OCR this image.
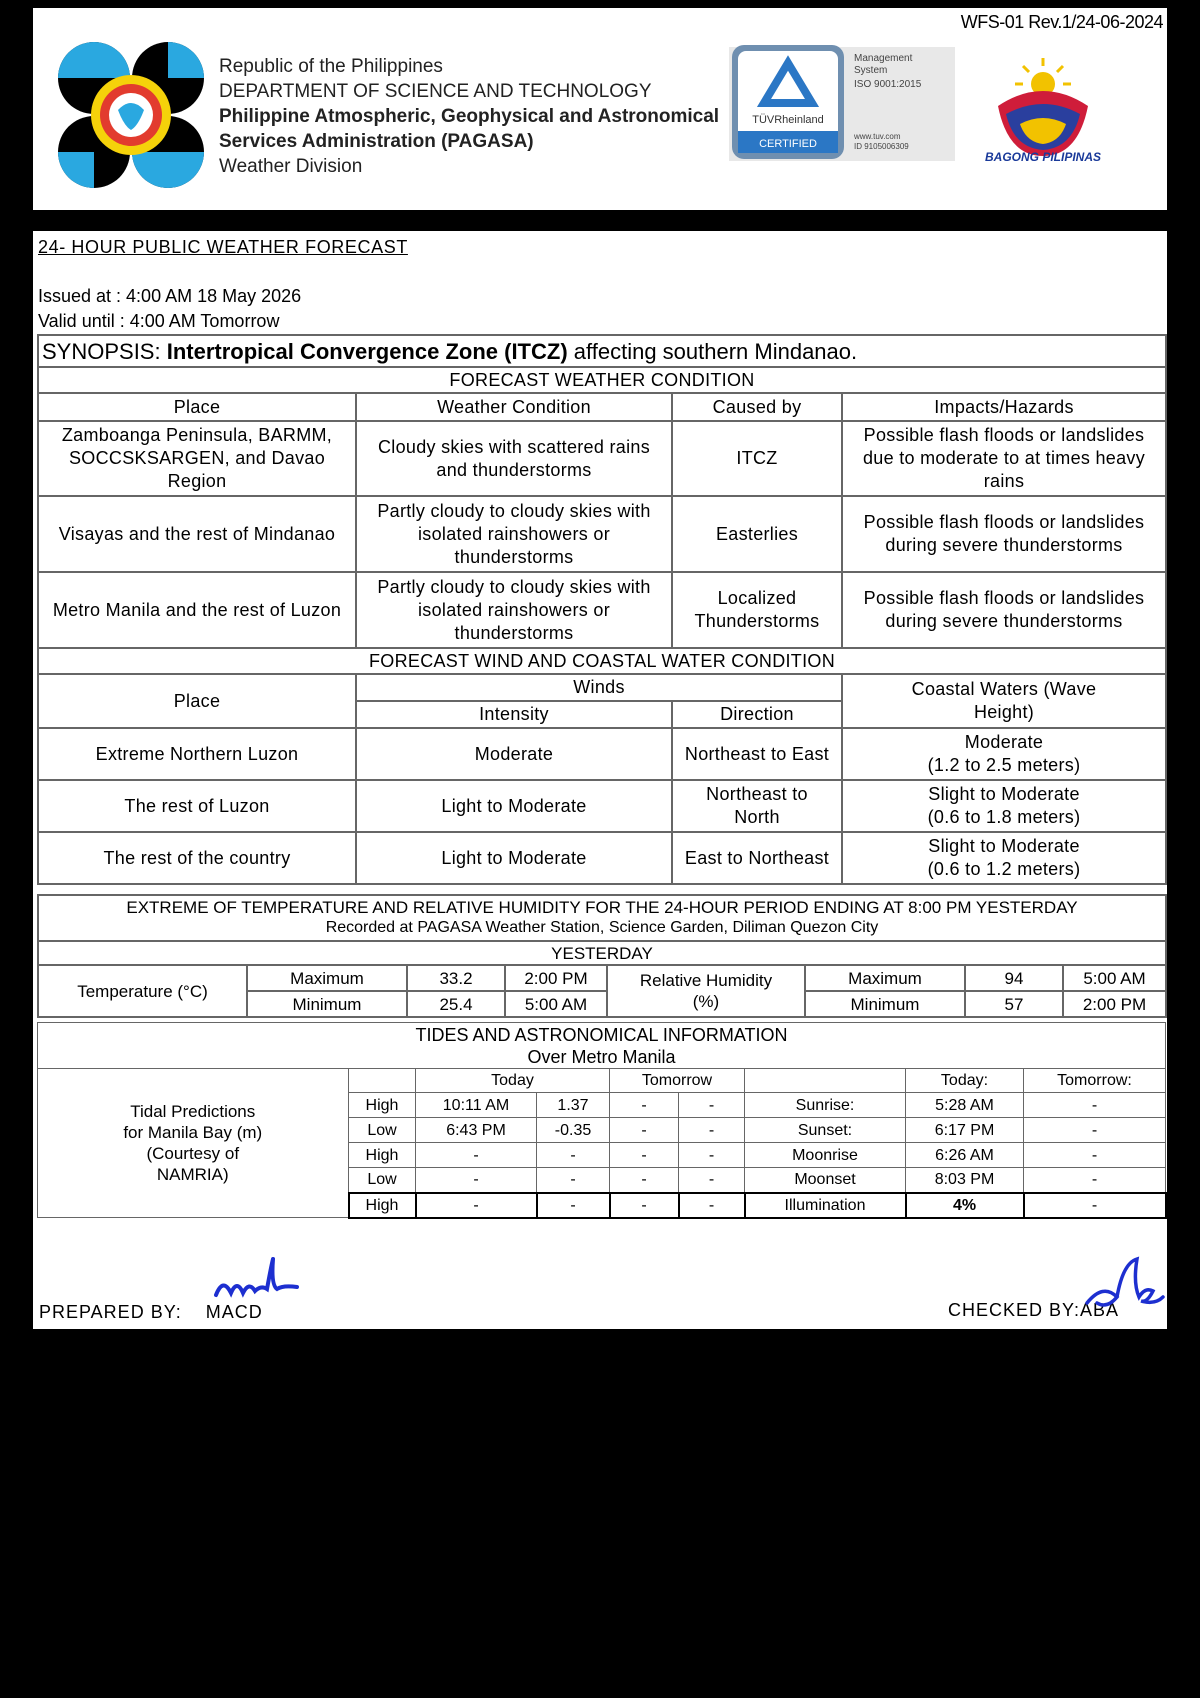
WFS-01 Rev.1/24-06-2024
Republic of the Philippines
DEPARTMENT OF SCIENCE AND TECHNOLOGY
Philippine Atmospheric, Geophysical and Astronomical
Services Administration (PAGASA)
Weather Division
TÜVRheinland
CERTIFIED
Management
System
ISO 9001:2015
www.tuv.com
ID 9105006309
BAGONG PILIPINAS
24- HOUR PUBLIC WEATHER FORECAST
Issued at : 4:00 AM 18 May 2026
Valid until : 4:00 AM Tomorrow
SYNOPSIS: Intertropical Convergence Zone (ITCZ) affecting southern Mindanao.			
FORECAST WEATHER CONDITION			
Place	Weather Condition	Caused by	Impacts/Hazards
Zamboanga Peninsula, BARMM, SOCCSKSARGEN, and Davao Region	Cloudy skies with scattered rains and thunderstorms	ITCZ	Possible flash floods or landslides due to moderate to at times heavy rains
Visayas and the rest of Mindanao	Partly cloudy to cloudy skies with isolated rainshowers or thunderstorms	Easterlies	Possible flash floods or landslides during severe thunderstorms
Metro Manila and the rest of Luzon	Partly cloudy to cloudy skies with isolated rainshowers or thunderstorms	Localized Thunderstorms	Possible flash floods or landslides during severe thunderstorms
FORECAST WIND AND COASTAL WATER CONDITION			
Place	Winds		Coastal Waters (Wave Height)
	Intensity	Direction	
Extreme Northern Luzon	Moderate	Northeast to East	Moderate
(1.2 to 2.5 meters)

The rest of Luzon	Light to Moderate	Northeast to North	Slight to Moderate
(0.6 to 1.8 meters)

The rest of the country	Light to Moderate	East to Northeast	Slight to Moderate
(0.6 to 1.2 meters)
EXTREME OF TEMPERATURE AND RELATIVE HUMIDITY FOR THE 24-HOUR PERIOD ENDING AT 8:00 PM YESTERDAY
Recorded at PAGASA Weather Station, Science Garden, Diliman Quezon City							

YESTERDAY							
Temperature (°C)	Maximum	33.2	2:00 PM	Relative Humidity (%)	Maximum	94	5:00 AM
	Minimum	25.4	5:00 AM		Minimum	57	2:00 PM
TIDES AND ASTRONOMICAL INFORMATION
Over Metro Manila								

Tidal Predictions for Manila Bay (m) (Courtesy of NAMRIA)		Today		Tomorrow			Today:	Tomorrow:
	High	10:11 AM	1.37	-	-	Sunrise:	5:28 AM	-
	Low	6:43 PM	-0.35	-	-	Sunset:	6:17 PM	-
	High	-	-	-	-	Moonrise	6:26 AM	-
	Low	-	-	-	-	Moonset	8:03 PM	-
	High	-	-	-	-	Illumination	4%	-
PREPARED BY: MACD	CHECKED BY:ABA
